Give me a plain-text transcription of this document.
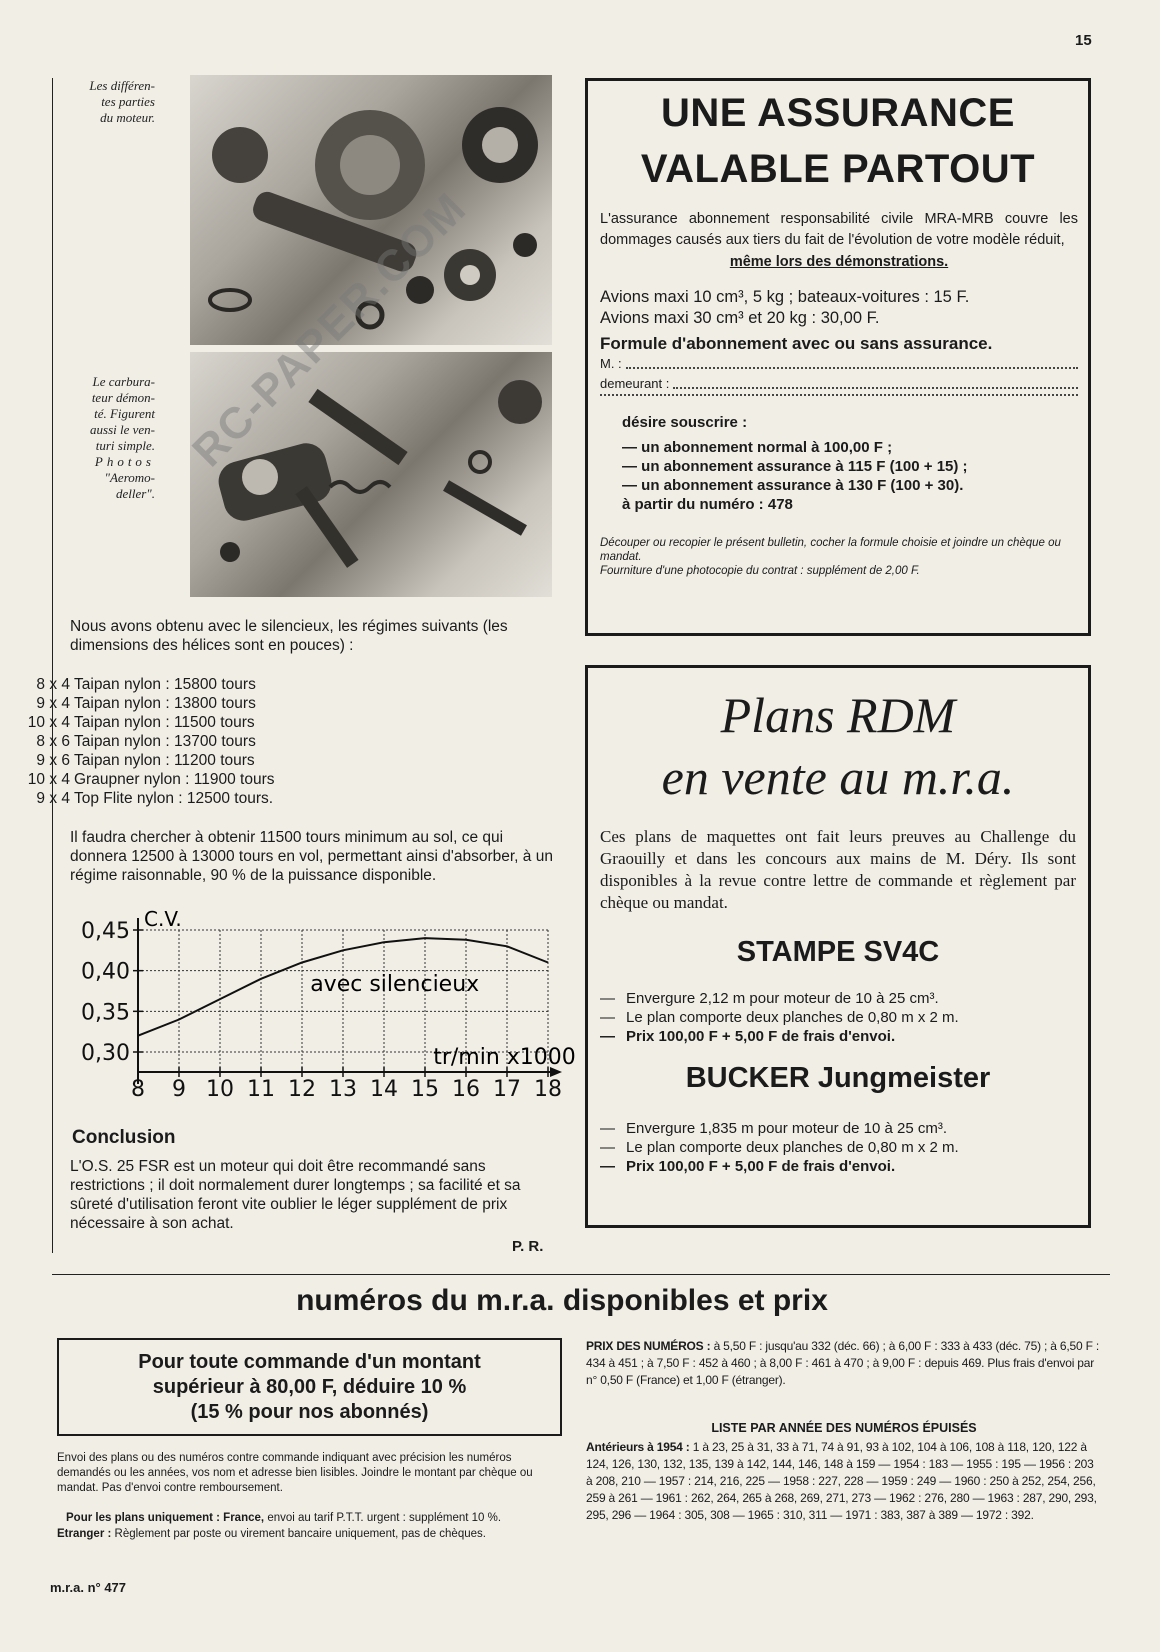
15
Les différen-
tes parties
du moteur.
Le carbura-
teur démon-
té. Figurent
aussi le ven-
turi simple.
Photos
"Aeromo-
deller".
RC-PAPER.COM
Nous avons obtenu avec le silencieux, les régimes suivants (les dimensions des hélices sont en pouces) :
8 x 4 Taipan nylon : 15800 tours
9 x 4 Taipan nylon : 13800 tours
10 x 4 Taipan nylon : 11500 tours
8 x 6 Taipan nylon : 13700 tours
9 x 6 Taipan nylon : 11200 tours
10 x 4 Graupner nylon : 11900 tours
9 x 4 Top Flite nylon : 12500 tours.
Il faudra chercher à obtenir 11500 tours minimum au sol, ce qui donnera 12500 à 13000 tours en vol, permettant ainsi d'absorber, à un régime raisonnable, 90 % de la puissance disponible.
8 9 10 11 12 13 14 15 16 17 18
0,30
0,35
0,40
0,45 C.V.
tr/min x1000
avec silencieux
Conclusion
L'O.S. 25 FSR est un moteur qui doit être recommandé sans restrictions ; il doit normalement durer longtemps ; sa facilité et sa sûreté d'utilisation feront vite oublier le léger supplément de prix nécessaire à son achat.
P. R.
UNE ASSURANCE
VALABLE PARTOUT
L'assurance abonnement responsabilité civile MRA-MRB couvre les dommages causés aux tiers du fait de l'évolution de votre modèle réduit,
même lors des démonstrations.
Avions maxi 10 cm³, 5 kg ; bateaux-voitures : 15 F.
Avions maxi 30 cm³ et 20 kg : 30,00 F.
Formule d'abonnement avec ou sans assurance.
M. :
demeurant :
désire souscrire :
— un abonnement normal à 100,00 F ;
— un abonnement assurance à 115 F (100 + 15) ;
— un abonnement assurance à 130 F (100 + 30).
à partir du numéro : 478
Découper ou recopier le présent bulletin, cocher la formule choisie et joindre un chèque ou mandat.
Fourniture d'une photocopie du contrat : supplément de 2,00 F.
Plans RDM
en vente au m.r.a.
Ces plans de maquettes ont fait leurs preuves au Challenge du Graouilly et dans les concours aux mains de M. Déry. Ils sont disponibles à la revue contre lettre de commande et règlement par chèque ou mandat.
STAMPE SV4C
— Envergure 2,12 m pour moteur de 10 à 25 cm³.
— Le plan comporte deux planches de 0,80 m x 2 m.
— Prix 100,00 F + 5,00 F de frais d'envoi.
BUCKER Jungmeister
— Envergure 1,835 m pour moteur de 10 à 25 cm³.
— Le plan comporte deux planches de 0,80 m x 2 m.
— Prix 100,00 F + 5,00 F de frais d'envoi.
numéros du m.r.a. disponibles et prix
Pour toute commande d'un montant
supérieur à 80,00 F, déduire 10 %
(15 % pour nos abonnés)
Envoi des plans ou des numéros contre commande indiquant avec précision les numéros demandés ou les années, vos nom et adresse bien lisibles. Joindre le montant par chèque ou mandat. Pas d'envoi contre remboursement.
Pour les plans uniquement : France, envoi au tarif P.T.T. urgent : supplément 10 %.
Etranger : Règlement par poste ou virement bancaire uniquement, pas de chèques.
PRIX DES NUMÉROS : à 5,50 F : jusqu'au 332 (déc. 66) ; à 6,00 F : 333 à 433 (déc. 75) ; à 6,50 F : 434 à 451 ; à 7,50 F : 452 à 460 ; à 8,00 F : 461 à 470 ; à 9,00 F : depuis 469. Plus frais d'envoi par n° 0,50 F (France) et 1,00 F (étranger).
LISTE PAR ANNÉE DES NUMÉROS ÉPUISÉS
Antérieurs à 1954 : 1 à 23, 25 à 31, 33 à 71, 74 à 91, 93 à 102, 104 à 106, 108 à 118, 120, 122 à 124, 126, 130, 132, 135, 139 à 142, 144, 146, 148 à 159 — 1954 : 183 — 1955 : 195 — 1956 : 203 à 208, 210 — 1957 : 214, 216, 225 — 1958 : 227, 228 — 1959 : 249 — 1960 : 250 à 252, 254, 256, 259 à 261 — 1961 : 262, 264, 265 à 268, 269, 271, 273 — 1962 : 276, 280 — 1963 : 287, 290, 293, 295, 296 — 1964 : 305, 308 — 1965 : 310, 311 — 1971 : 383, 387 à 389 — 1972 : 392.
m.r.a. n° 477
